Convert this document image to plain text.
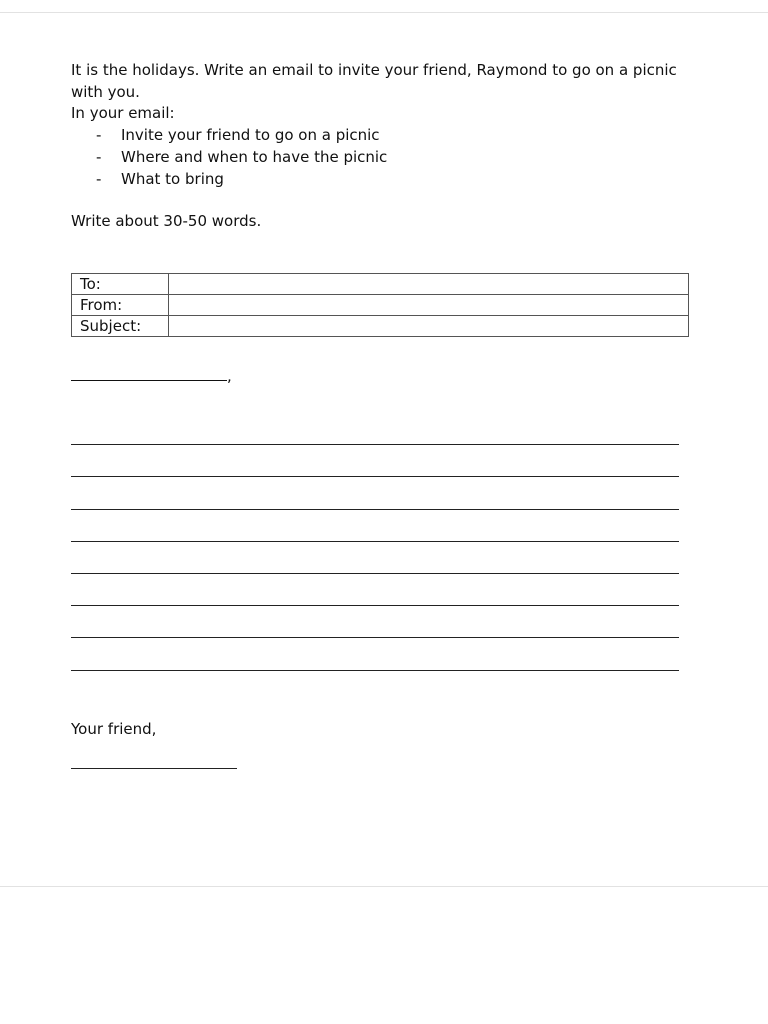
It is the holidays. Write an email to invite your friend, Raymond to go on a picnic with you.

In your email:

- Invite your friend to go on a picnic
- Where and when to have the picnic
- What to bring

Write about 30-50 words.

To:	
From:	
Subject:	
,
Your friend,
